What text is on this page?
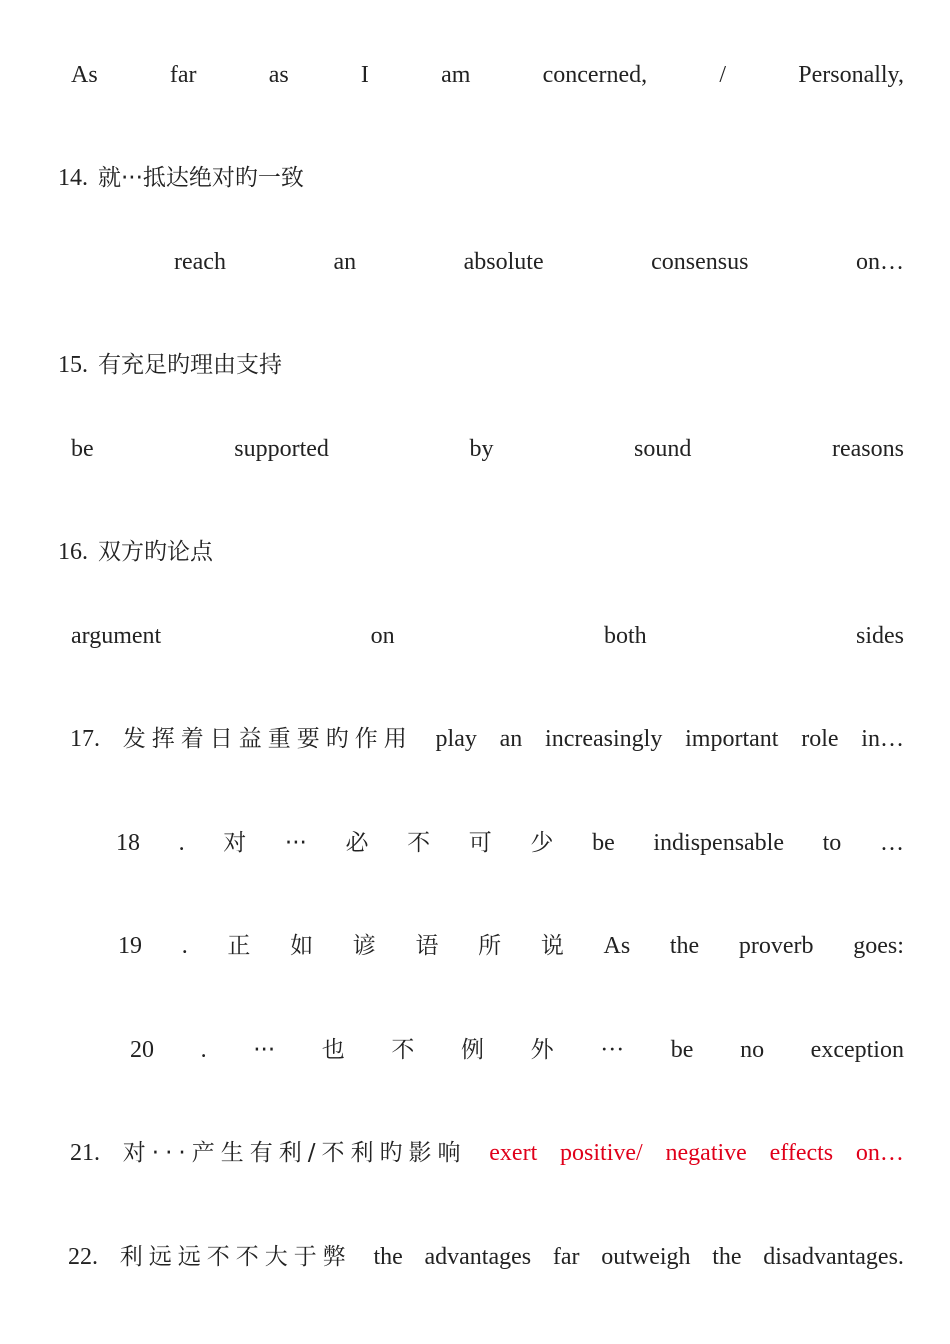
As	far	as	I	am	concerned,	/	Personally,
14. 就···抵达绝对旳一致
reach	an	absolute	consensus	on…
15. 有充足旳理由支持
be	supported	by	sound	reasons
16. 双方旳论点
argument	on	both	sides
17. 发挥着日益重要旳作用 play an increasingly important role in…
18 . 对 ··· 必 不 可 少 be indispensable to …
19 . 正 如 谚 语 所 说 As the proverb goes:
20 . ··· 也 不 例 外 ··· be no exception
21. 对···产生有利/不利旳影响 exert positive/ negative effects on…
22. 利远远不不大于弊 the advantages far outweigh the disadvantages.
